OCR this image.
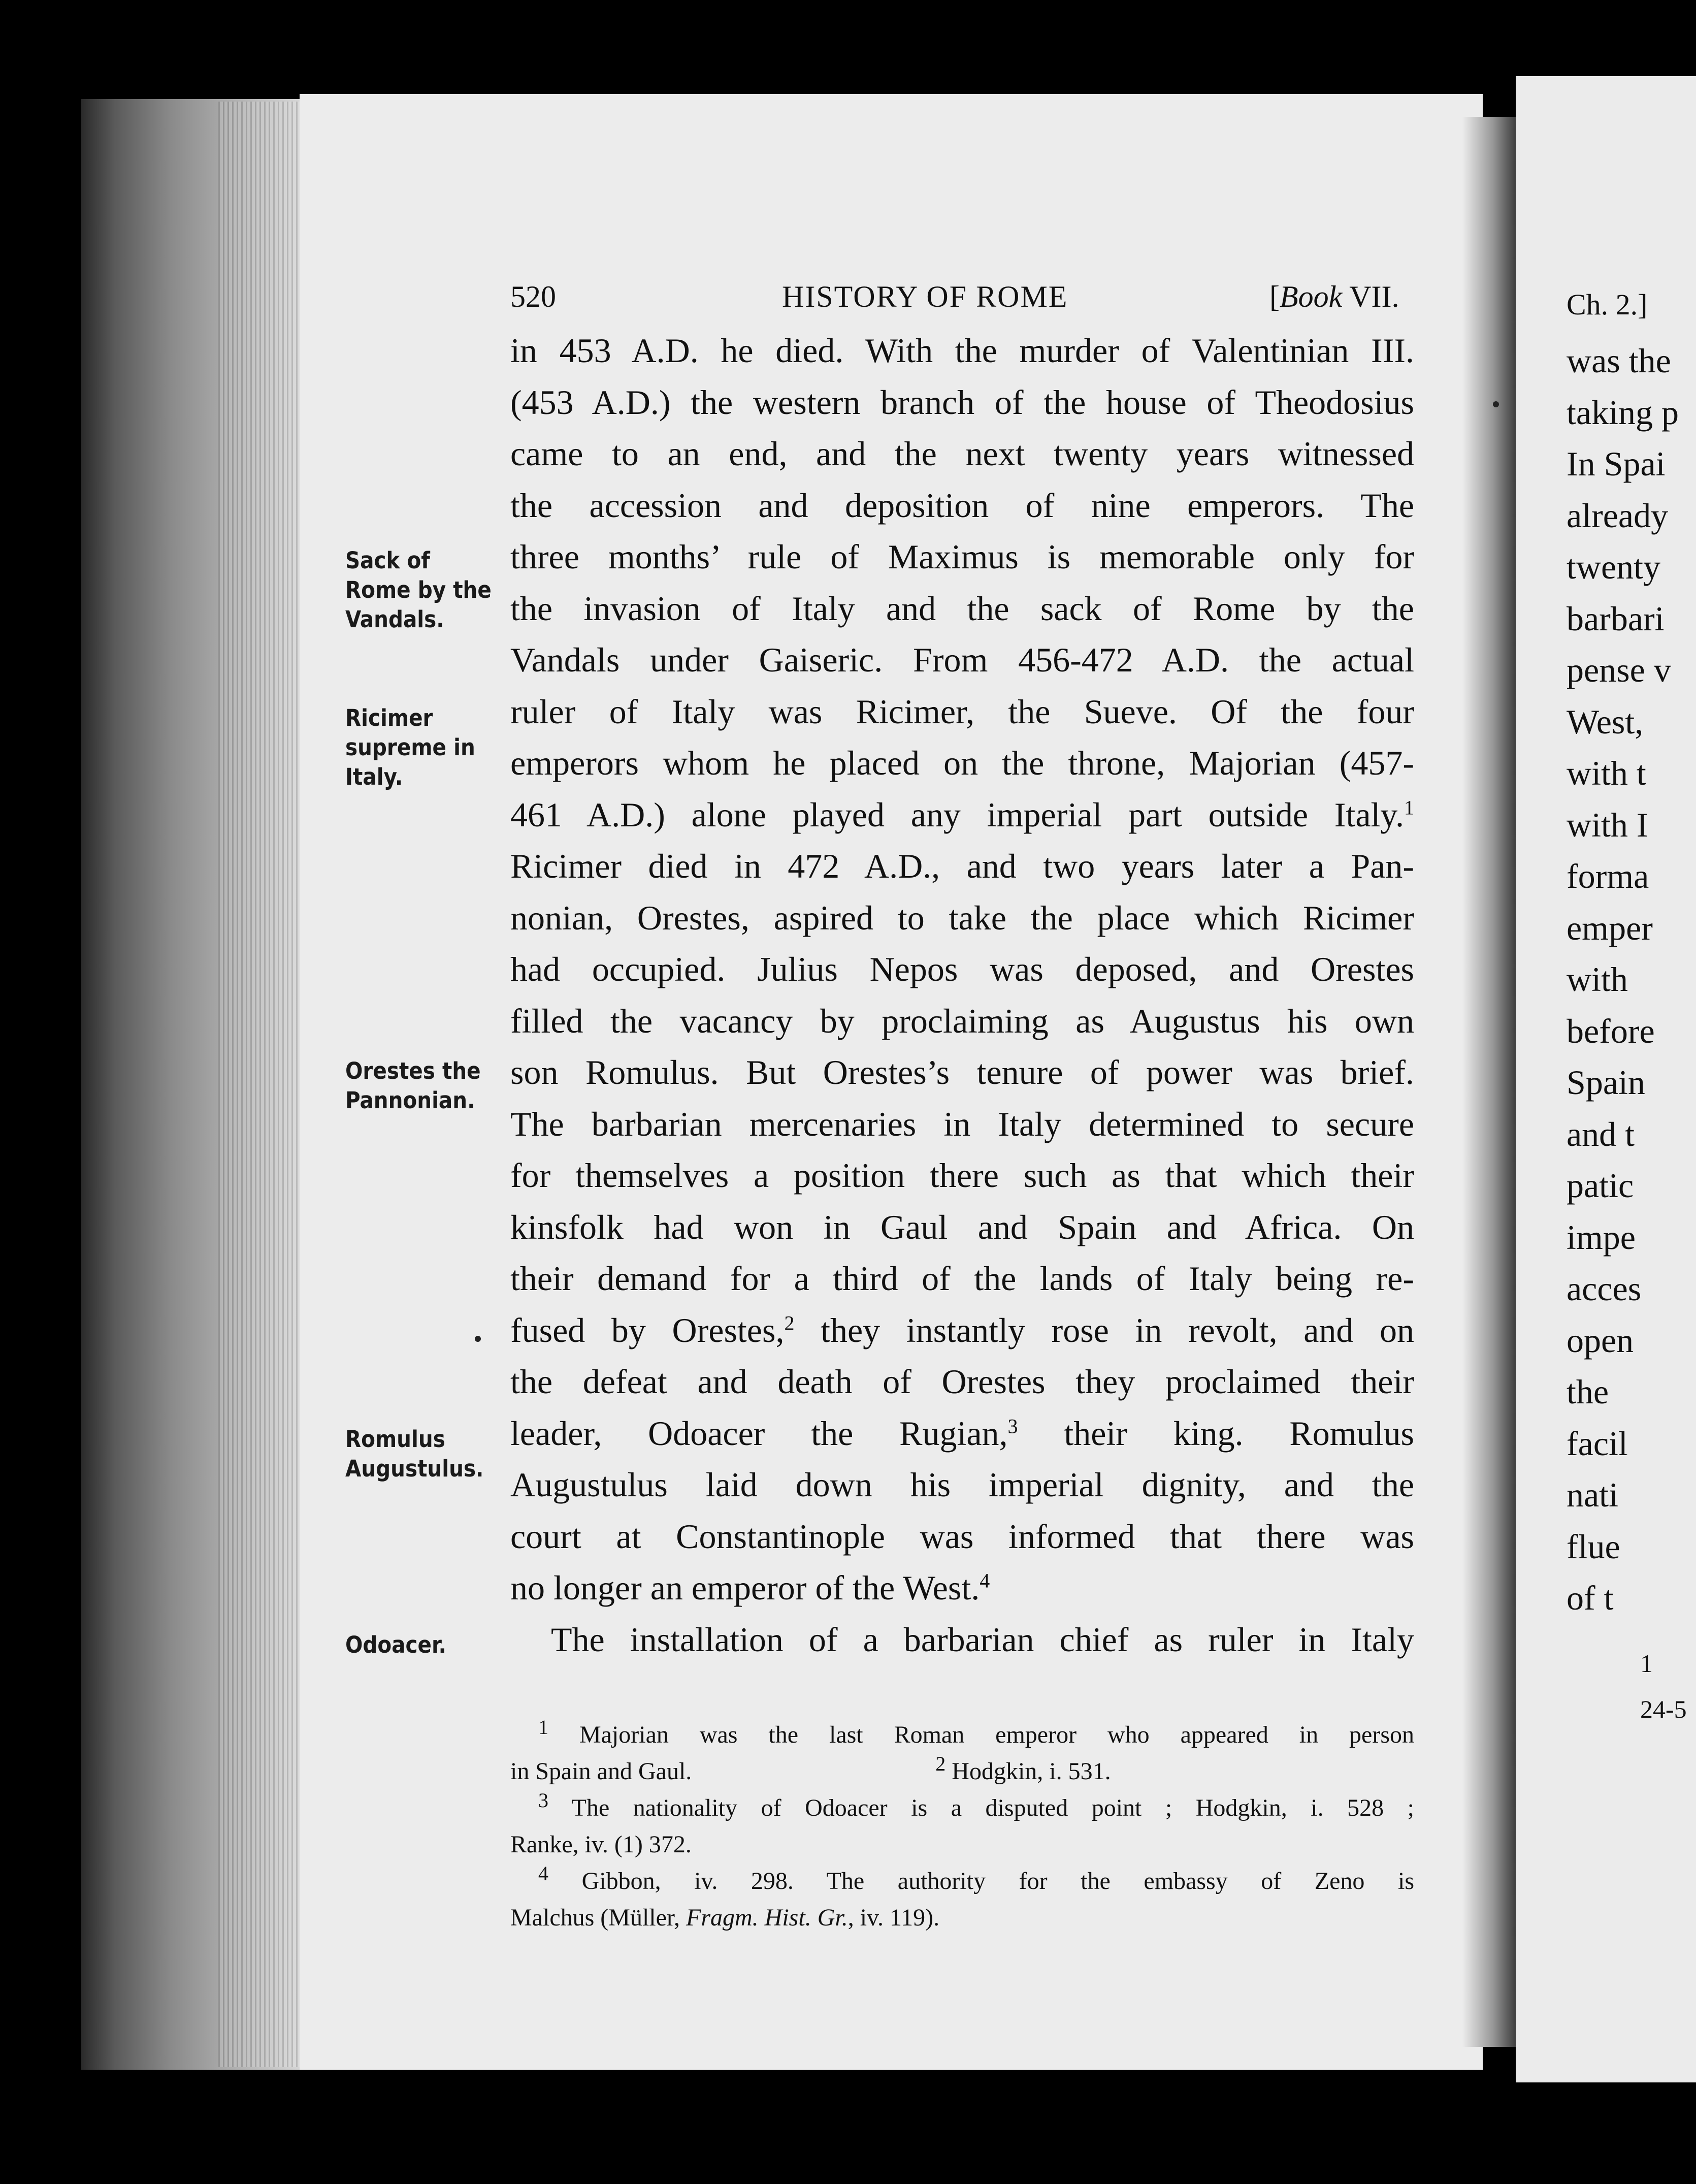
520	HISTORY OF ROME	[Book VII.
in 453 A.D. he died. With the murder of Valentinian III.
(453 A.D.) the western branch of the house of Theodosius
came to an end, and the next twenty years witnessed
the accession and deposition of nine emperors. The
three months’ rule of Maximus is memorable only for
the invasion of Italy and the sack of Rome by the
Vandals under Gaiseric. From 456-472 A.D. the actual
ruler of Italy was Ricimer, the Sueve. Of the four
emperors whom he placed on the throne, Majorian (457-
461 A.D.) alone played any imperial part outside Italy.$^1$
Ricimer died in 472 A.D., and two years later a Pan-
nonian, Orestes, aspired to take the place which Ricimer
had occupied. Julius Nepos was deposed, and Orestes
filled the vacancy by proclaiming as Augustus his own
son Romulus. But Orestes’s tenure of power was brief.
The barbarian mercenaries in Italy determined to secure
for themselves a position there such as that which their
kinsfolk had won in Gaul and Spain and Africa. On
their demand for a third of the lands of Italy being re-
fused by Orestes,$^2$ they instantly rose in revolt, and on
the defeat and death of Orestes they proclaimed their
leader, Odoacer the Rugian,$^3$ their king. Romulus
Augustulus laid down his imperial dignity, and the
court at Constantinople was informed that there was
no longer an emperor of the West.$^4$
The installation of a barbarian chief as ruler in Italy
Sack of
Rome by the
Vandals.
Ricimer
supreme in
Italy.
Orestes the
Pannonian.
Romulus
Augustulus.
Odoacer.
$^1$ Majorian was the last Roman emperor who appeared in person
in Spain and Gaul.	$^2$ Hodgkin, i. 531.
$^3$ The nationality of Odoacer is a disputed point ; Hodgkin, i. 528 ;
Ranke, iv. (1) 372.
$^4$ Gibbon, iv. 298. The authority for the embassy of Zeno is
Malchus (Müller, Fragm. Hist. Gr., iv. 119).
Ch. 2.]
was the
taking p
In Spai
already
twenty
barbari
pense v
West,
with t
with I
forma
emper
with
before
Spain
and t
patic
impe
acces
open
the
facil
nati
flue
of t
1
24-5
